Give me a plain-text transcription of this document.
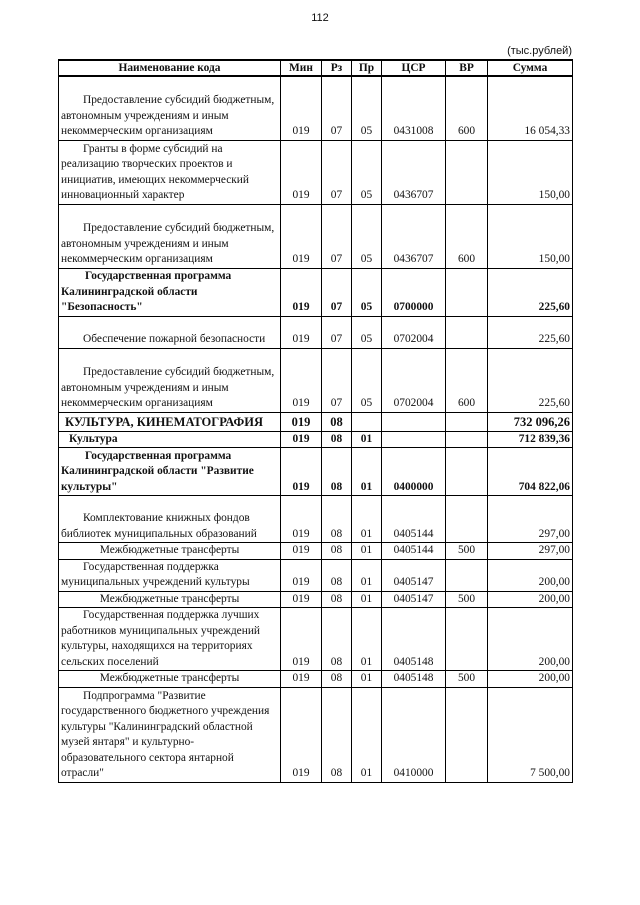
112
(тыс.рублей)
Наименование кода	Мин	Рз	Пр	ЦСР	ВР	Сумма

Предоставление субсидий бюджетным, автономным учреждениям и иным некоммерческим организациям	019	07	05	0431008	600	16 054,33

Гранты в форме субсидий на реализацию творческих проектов и инициатив, имеющих некоммерческий инновационный характер	019	07	05	0436707		150,00

Предоставление субсидий бюджетным, автономным учреждениям и иным некоммерческим организациям	019	07	05	0436707	600	150,00

Государственная программа Калининградской области "Безопасность"	019	07	05	0700000		225,60

Обеспечение пожарной безопасности	019	07	05	0702004		225,60

Предоставление субсидий бюджетным, автономным учреждениям и иным некоммерческим организациям	019	07	05	0702004	600	225,60

КУЛЬТУРА, КИНЕМАТОГРАФИЯ	019	08				732 096,26

Культура	019	08	01			712 839,36

Государственная программа Калининградской области "Развитие культуры"	019	08	01	0400000		704 822,06

Комплектование книжных фондов библиотек муниципальных образований	019	08	01	0405144		297,00

Межбюджетные трансферты	019	08	01	0405144	500	297,00

Государственная поддержка муниципальных учреждений культуры	019	08	01	0405147		200,00

Межбюджетные трансферты	019	08	01	0405147	500	200,00

Государственная поддержка лучших работников муниципальных учреждений культуры, находящихся на территориях сельских поселений	019	08	01	0405148		200,00

Межбюджетные трансферты	019	08	01	0405148	500	200,00

Подпрограмма "Развитие государственного бюджетного учреждения культуры "Калининградский областной музей янтаря" и культурно-образовательного сектора янтарной отрасли"	019	08	01	0410000		7 500,00
